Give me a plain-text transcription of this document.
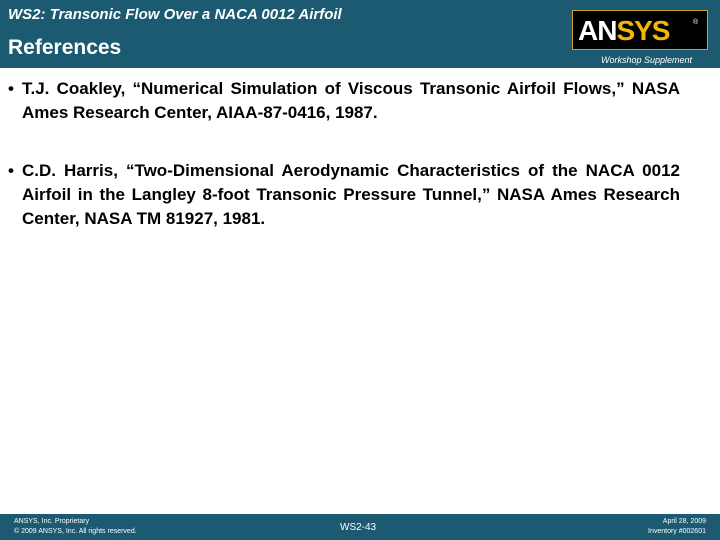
WS2: Transonic Flow Over a NACA 0012 Airfoil
References
ANSYS	®
Workshop Supplement
• T.J. Coakley, “Numerical Simulation of Viscous Transonic Airfoil Flows,” NASA Ames Research Center, AIAA-87-0416, 1987.
• C.D. Harris, “Two-Dimensional Aerodynamic Characteristics of the NACA 0012 Airfoil in the Langley 8-foot Transonic Pressure Tunnel,” NASA Ames Research Center, NASA TM 81927, 1981.
ANSYS, Inc. Proprietary
© 2009 ANSYS, Inc. All rights reserved.	WS2-43
April 28, 2009
Inventory #002601
